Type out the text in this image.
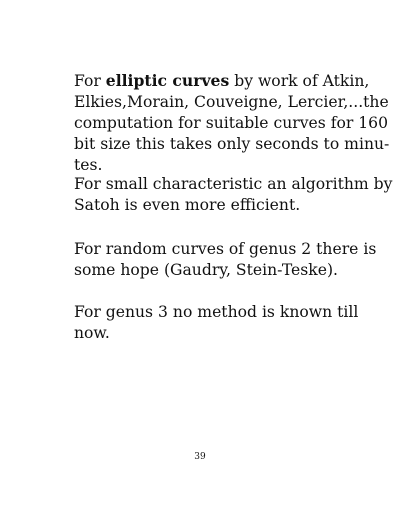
For elliptic curves by work of Atkin,
Elkies,Morain, Couveigne, Lercier,...the
computation for suitable curves for 160
bit size this takes only seconds to minu-
tes.

For small characteristic an algorithm by
Satoh is even more efficient.

For random curves of genus 2 there is
some hope (Gaudry, Stein-Teske).

For genus 3 no method is known till
now.

39
